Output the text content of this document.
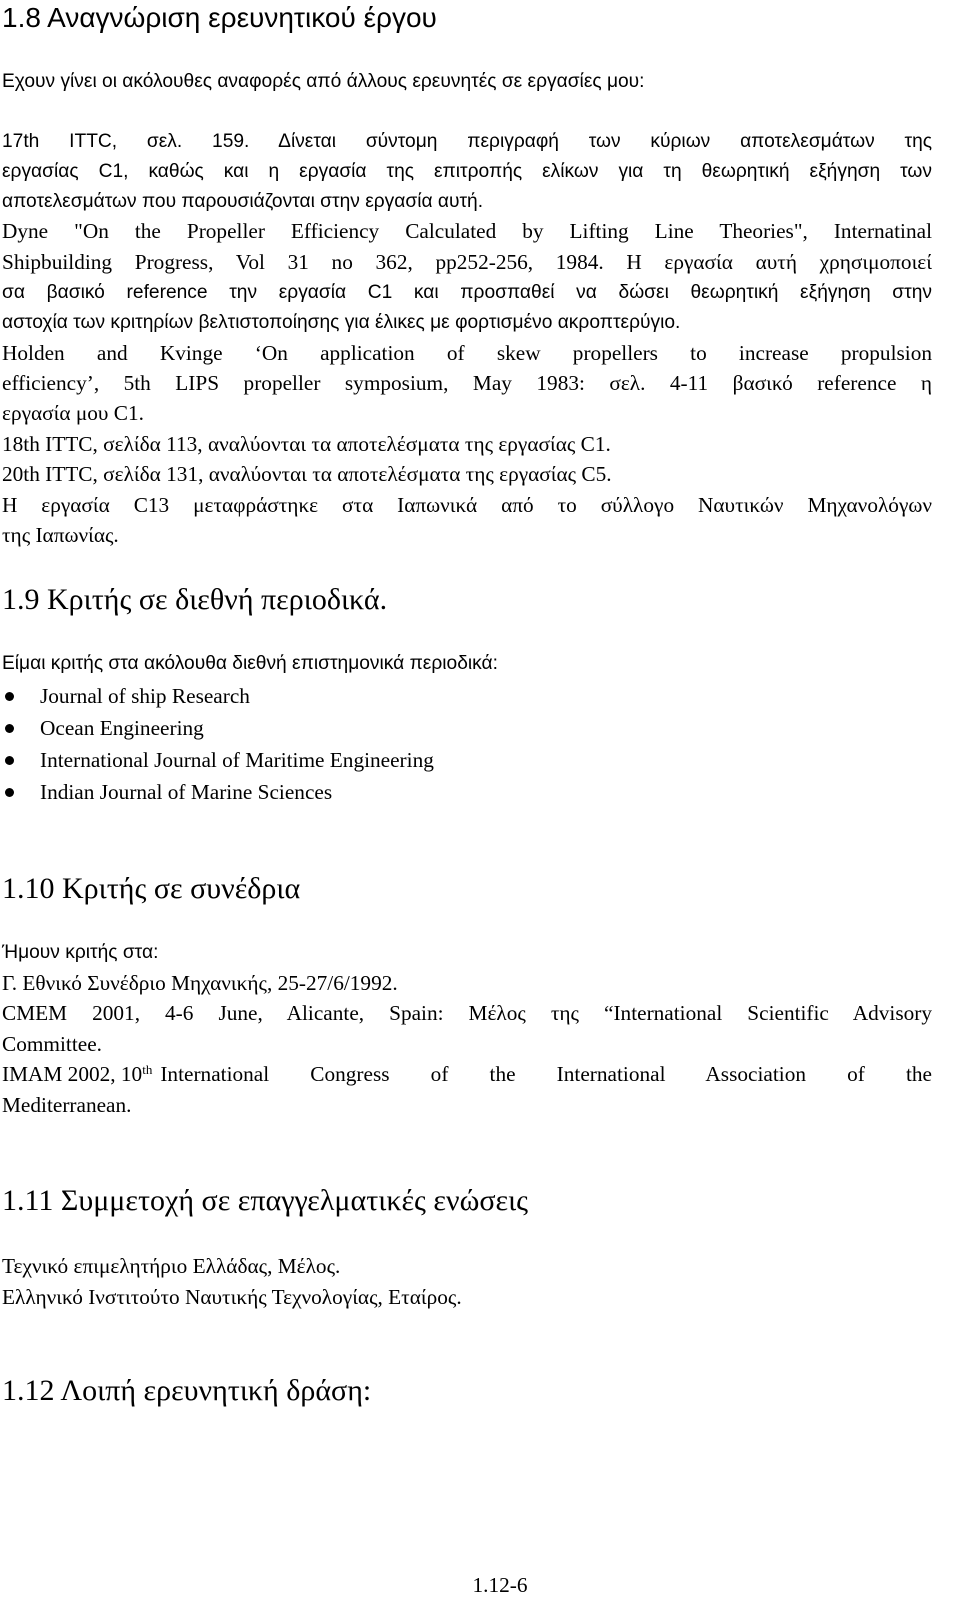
1.8 Αναγνώριση ερευνητικού έργου
Εχουν γίνει οι ακόλουθες αναφορές από άλλους ερευνητές σε εργασίες μου:
17th ITTC, σελ. 159. Δίνεται σύντομη περιγραφή των κύριων αποτελεσμάτων της
εργασίας C1, καθώς και η εργασία της επιτροπής ελίκων για τη θεωρητική εξήγηση των
αποτελεσμάτων που παρουσιάζονται στην εργασία αυτή.
Dyne "On the Propeller Efficiency Calculated by Lifting Line Theories", Internatinal
Shipbuilding Progress, Vol 31 no 362, pp252-256, 1984. Η εργασία αυτή χρησιμοποιεί
σα βασικό reference την εργασία C1 και προσπαθεί να δώσει θεωρητική εξήγηση στην
αστοχία των κριτηρίων βελτιστοποίησης για έλικες με φορτισμένο ακροπτερύγιο.
Holden and Kvinge ‘On application of skew propellers to increase propulsion
efficiency’, 5th LIPS propeller symposium, May 1983: σελ. 4-11 βασικό reference η
εργασία μου C1.
18th ITTC, σελίδα 113, αναλύονται τα αποτελέσματα της εργασίας C1.
20th ITTC, σελίδα 131, αναλύονται τα αποτελέσματα της εργασίας C5.
Η εργασία C13 μεταφράστηκε στα Ιαπωνικά από το σύλλογο Ναυτικών Μηχανολόγων
της Ιαπωνίας.
1.9 Κριτής σε διεθνή περιοδικά.
Είμαι κριτής στα ακόλουθα διεθνή επιστημονικά περιοδικά:
Journal of ship Research
Ocean Engineering
International Journal of Maritime Engineering
Indian Journal of Marine Sciences
1.10 Κριτής σε συνέδρια
Ήμουν κριτής στα:
Γ. Εθνικό Συνέδριο Μηχανικής, 25-27/6/1992.
CMEM 2001, 4-6 June, Alicante, Spain: Μέλος της “International Scientific Advisory
Committee.
IMAM 2002, 10th International Congress of the International Association of the
Mediterranean.
1.11 Συμμετοχή σε επαγγελματικές ενώσεις
Τεχνικό επιμελητήριο Ελλάδας, Μέλος.
Ελληνικό Ινστιτούτο Ναυτικής Τεχνολογίας, Εταίρος.
1.12 Λοιπή ερευνητική δράση:
1.12-6
